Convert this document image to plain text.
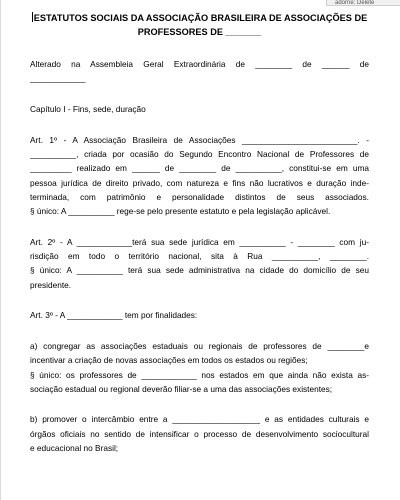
adorne: Delete

ESTATUTOS SOCIAIS DA ASSOCIAÇÃO BRASILEIRA DE ASSOCIAÇÕES DE
PROFESSORES DE _______

Alterado na Assembleia Geral Extraordinária de ________ de ______ de
____________

Capítulo I - Fins, sede, duração

Art. 1º - A Associação Brasileira de Associações _________________________. -
__________, criada por ocasião do Segundo Encontro Nacional de Professores de
_________ realizado em ______ de ________ de __________, constitui-se em uma
pessoa jurídica de direito privado, com natureza e fins não lucrativos e duração inde-
terminada, com patrimônio e personalidade distintos de seus associados.
§ único: A __________ rege-se pelo presente estatuto e pela legislação aplicável.

Art. 2º - A ____________terá sua sede jurídica em __________ - ________ com ju-
risdição em todo o território nacional, sita à Rua __________, ________.
§ único: A __________ terá sua sede administrativa na cidade do domicílio de seu
presidente.

Art. 3º - A ____________ tem por finalidades:

a) congregar as associações estaduais ou regionais de professores de ________e
incentivar a criação de novas associações em todos os estados ou regiões;
§ único: os professores de ____________ nos estados em que ainda não exista as-
sociação estadual ou regional deverão filiar-se a uma das associações existentes;

b) promover o intercâmbio entre a ___________________ e as entidades culturais e
órgãos oficiais no sentido de intensificar o processo de desenvolvimento sociocultural
e educacional no Brasil;
